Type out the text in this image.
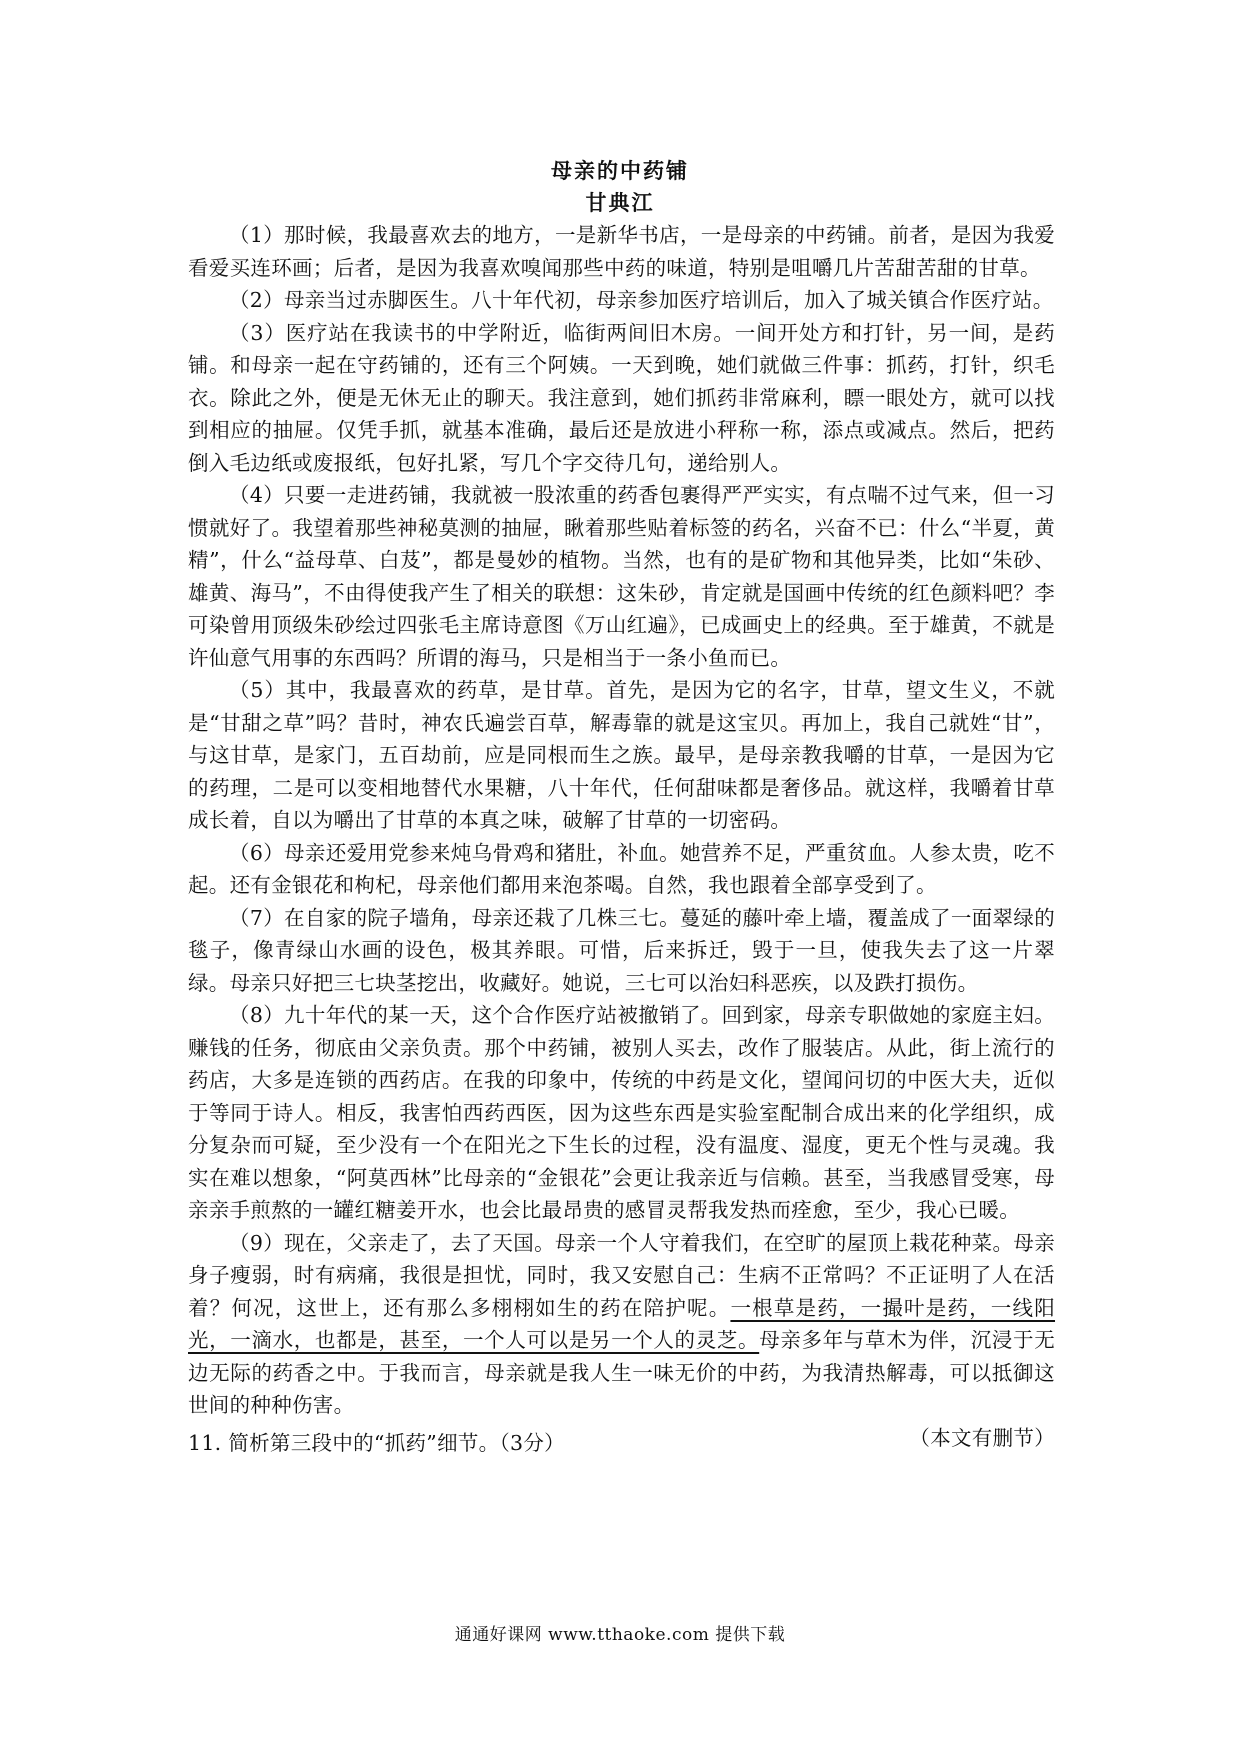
母亲的中药铺
甘典江

（1）那时候，我最喜欢去的地方，一是新华书店，一是母亲的中药铺。前者，是因为我爱看爱买连环画；后者，是因为我喜欢嗅闻那些中药的味道，特别是咀嚼几片苦甜苦甜的甘草。

（2）母亲当过赤脚医生。八十年代初，母亲参加医疗培训后，加入了城关镇合作医疗站。

（3）医疗站在我读书的中学附近，临街两间旧木房。一间开处方和打针，另一间，是药铺。和母亲一起在守药铺的，还有三个阿姨。一天到晚，她们就做三件事：抓药，打针，织毛衣。除此之外，便是无休无止的聊天。我注意到，她们抓药非常麻利，瞟一眼处方，就可以找到相应的抽屉。仅凭手抓，就基本准确，最后还是放进小秤称一称，添点或减点。然后，把药倒入毛边纸或废报纸，包好扎紧，写几个字交待几句，递给别人。

（4）只要一走进药铺，我就被一股浓重的药香包裹得严严实实，有点喘不过气来，但一习惯就好了。我望着那些神秘莫测的抽屉，瞅着那些贴着标签的药名，兴奋不已：什么“半夏，黄精”，什么“益母草、白芨”，都是曼妙的植物。当然，也有的是矿物和其他异类，比如“朱砂、雄黄、海马”，不由得使我产生了相关的联想：这朱砂，肯定就是国画中传统的红色颜料吧？李可染曾用顶级朱砂绘过四张毛主席诗意图《万山红遍》，已成画史上的经典。至于雄黄，不就是许仙意气用事的东西吗？所谓的海马，只是相当于一条小鱼而已。

（5）其中，我最喜欢的药草，是甘草。首先，是因为它的名字，甘草，望文生义，不就是“甘甜之草”吗？昔时，神农氏遍尝百草，解毒靠的就是这宝贝。再加上，我自己就姓“甘”，与这甘草，是家门，五百劫前，应是同根而生之族。最早，是母亲教我嚼的甘草，一是因为它的药理，二是可以变相地替代水果糖，八十年代，任何甜味都是奢侈品。就这样，我嚼着甘草成长着，自以为嚼出了甘草的本真之味，破解了甘草的一切密码。

（6）母亲还爱用党参来炖乌骨鸡和猪肚，补血。她营养不足，严重贫血。人参太贵，吃不起。还有金银花和枸杞，母亲他们都用来泡茶喝。自然，我也跟着全部享受到了。

（7）在自家的院子墙角，母亲还栽了几株三七。蔓延的藤叶牵上墙，覆盖成了一面翠绿的毯子，像青绿山水画的设色，极其养眼。可惜，后来拆迁，毁于一旦，使我失去了这一片翠绿。母亲只好把三七块茎挖出，收藏好。她说，三七可以治妇科恶疾，以及跌打损伤。

（8）九十年代的某一天，这个合作医疗站被撤销了。回到家，母亲专职做她的家庭主妇。赚钱的任务，彻底由父亲负责。那个中药铺，被别人买去，改作了服装店。从此，街上流行的药店，大多是连锁的西药店。在我的印象中，传统的中药是文化，望闻问切的中医大夫，近似于等同于诗人。相反，我害怕西药西医，因为这些东西是实验室配制合成出来的化学组织，成分复杂而可疑，至少没有一个在阳光之下生长的过程，没有温度、湿度，更无个性与灵魂。我实在难以想象，“阿莫西林”比母亲的“金银花”会更让我亲近与信赖。甚至，当我感冒受寒，母亲亲手煎熬的一罐红糖姜开水，也会比最昂贵的感冒灵帮我发热而痊愈，至少，我心已暖。

（9）现在，父亲走了，去了天国。母亲一个人守着我们，在空旷的屋顶上栽花种菜。母亲身子瘦弱，时有病痛，我很是担忧，同时，我又安慰自己：生病不正常吗？不正证明了人在活着？何况，这世上，还有那么多栩栩如生的药在陪护呢。一根草是药，一撮叶是药，一线阳光，一滴水，也都是，甚至，一个人可以是另一个人的灵芝。母亲多年与草木为伴，沉浸于无边无际的药香之中。于我而言，母亲就是我人生一味无价的中药，为我清热解毒，可以抵御这世间的种种伤害。

（本文有删节）

11. 简析第三段中的“抓药”细节。（3分）
通通好课网 www.tthaoke.com 提供下载
